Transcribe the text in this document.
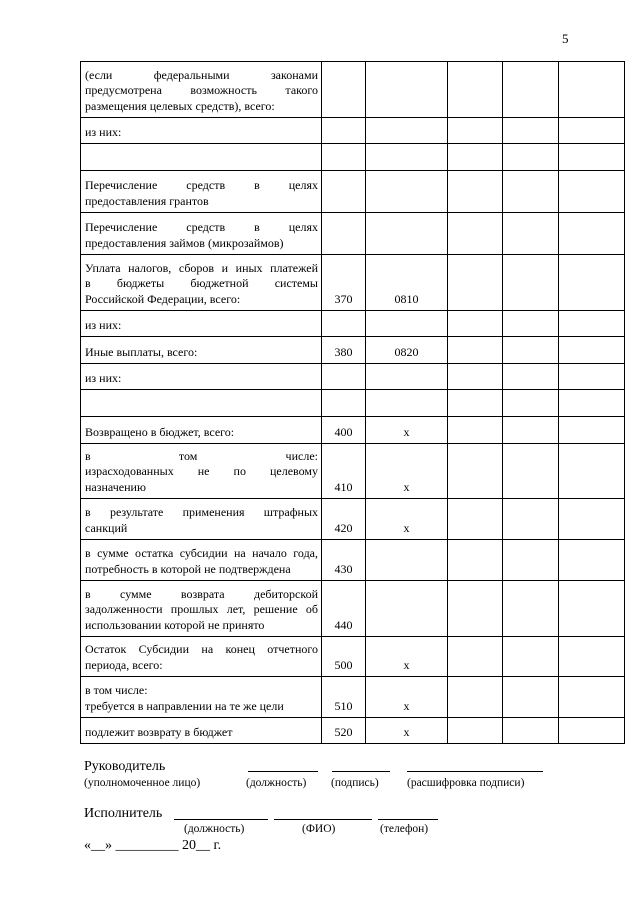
5
(если федеральными законами
предусмотрена возможность такого
размещения целевых средств), всего:					

из них:					

Перечисление средств в целях
предоставления грантов					

Перечисление средств в целях
предоставления займов (микрозаймов)					

Уплата налогов, сборов и иных платежей
в бюджеты бюджетной системы
Российской Федерации, всего:	370	0810			

из них:					

Иные выплаты, всего:	380	0820			

из них:					

Возвращено в бюджет, всего:	400	x			

в том числе:
израсходованных не по целевому
назначению	410	x			

в результате применения штрафных
санкций	420	x			

в сумме остатка субсидии на начало года,
потребность в которой не подтверждена	430				

в сумме возврата дебиторской
задолженности прошлых лет, решение об
использовании которой не принято	440				

Остаток Субсидии на конец отчетного
периода, всего:	500	x			

в том числе:
требуется в направлении на те же цели	510	x			

подлежит возврату в бюджет	520	x			
Руководитель
(уполномоченное лицо)	(должность) (подпись) (расшифровка подписи)
Исполнитель
(должность)	(ФИО)	(телефон)
«__» _________ 20__ г.
